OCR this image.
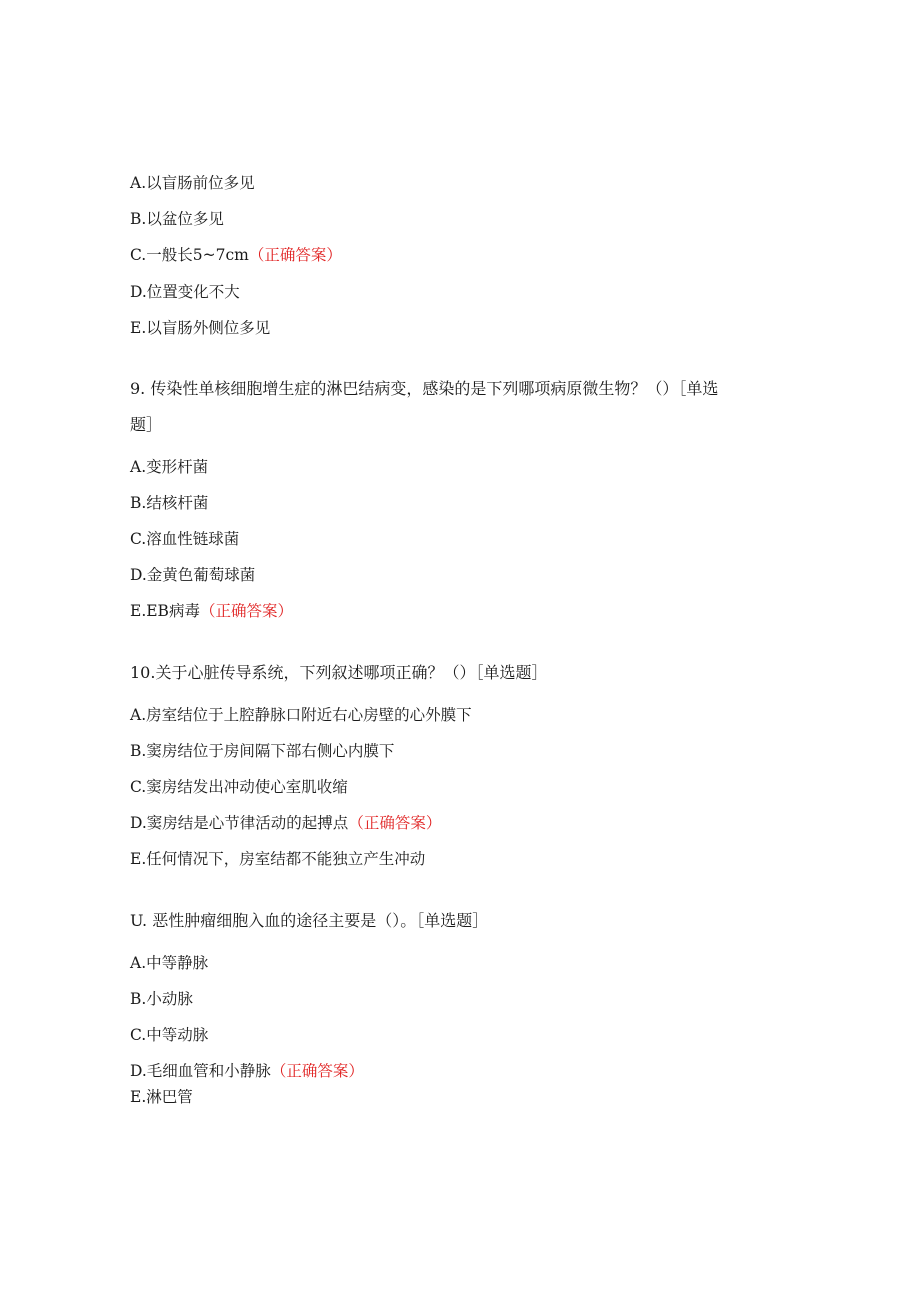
A.以盲肠前位多见
B.以盆位多见
C.一般长5~7cm（正确答案）
D.位置变化不大
E.以盲肠外侧位多见
9. 传染性单核细胞增生症的淋巴结病变，感染的是下列哪项病原微生物？（）［单选
题］
A.变形杆菌
B.结核杆菌
C.溶血性链球菌
D.金黄色葡萄球菌
E.EB病毒（正确答案）
10.关于心脏传导系统，下列叙述哪项正确？（）［单选题］
A.房室结位于上腔静脉口附近右心房壁的心外膜下
B.窦房结位于房间隔下部右侧心内膜下
C.窦房结发出冲动使心室肌收缩
D.窦房结是心节律活动的起搏点（正确答案）
E.任何情况下，房室结都不能独立产生冲动
U. 恶性肿瘤细胞入血的途径主要是（）。［单选题］
A.中等静脉
B.小动脉
C.中等动脉
D.毛细血管和小静脉（正确答案）
E.淋巴管
